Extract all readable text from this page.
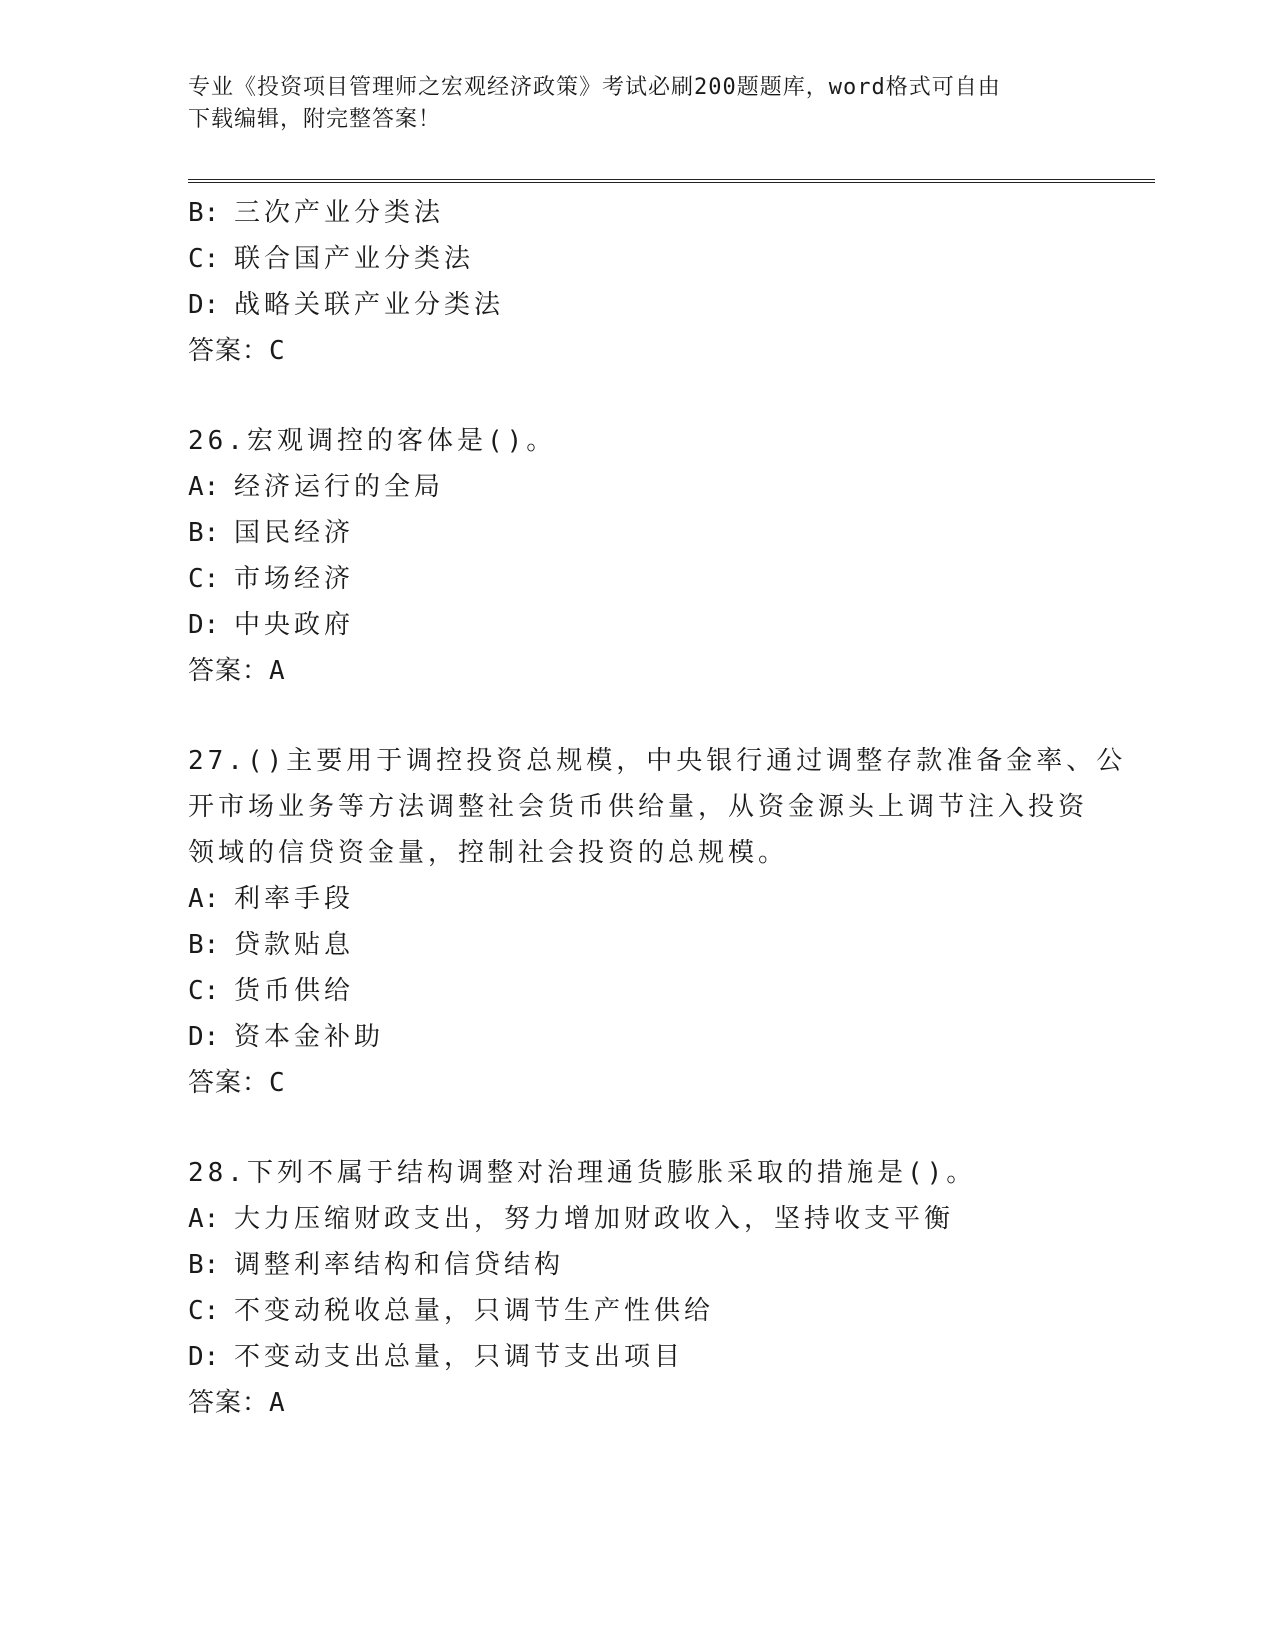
专业《投资项目管理师之宏观经济政策》考试必刷200题题库，word格式可自由
下载编辑，附完整答案！
B: 三次产业分类法
C: 联合国产业分类法
D: 战略关联产业分类法
答案：C
26.宏观调控的客体是()。
A: 经济运行的全局
B: 国民经济
C: 市场经济
D: 中央政府
答案：A
27.()主要用于调控投资总规模，中央银行通过调整存款准备金率、公
开市场业务等方法调整社会货币供给量，从资金源头上调节注入投资
领域的信贷资金量，控制社会投资的总规模。
A: 利率手段
B: 贷款贴息
C: 货币供给
D: 资本金补助
答案：C
28.下列不属于结构调整对治理通货膨胀采取的措施是()。
A: 大力压缩财政支出，努力增加财政收入，坚持收支平衡
B: 调整利率结构和信贷结构
C: 不变动税收总量，只调节生产性供给
D: 不变动支出总量，只调节支出项目
答案：A
